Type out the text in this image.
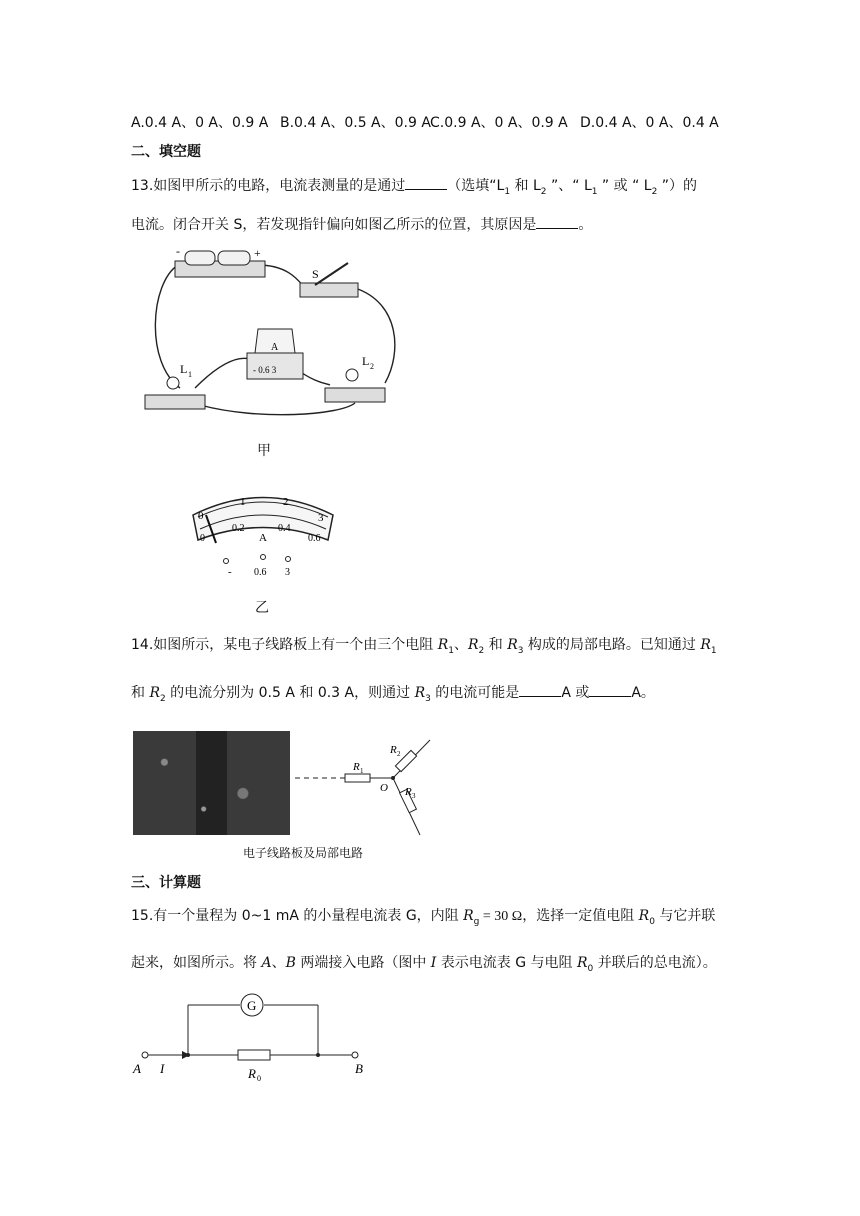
A.0.4 A、0 A、0.9 A B.0.4 A、0.5 A、0.9 A C.0.9 A、0 A、0.9 A D.0.4 A、0 A、0.4 A
二、填空题
13.如图甲所示的电路，电流表测量的是通过	（选填“$L_1$ 和 $L_2$ ”、“ $L_1$ ” 或 “ $L_2$ ”）的
电流。闭合开关 S，若发现指针偏向如图乙所示的位置，其原因是	。
-	+
S
A
- 0.6 3
L 1
L 2
甲
0
1	2
3
0
0.2	0.4
0.6
A
- 0.6 3
乙
14.如图所示，某电子线路板上有一个由三个电阻 $R_1$、$R_2$ 和 $R_3$ 构成的局部电路。已知通过 $R_1$
和 $R_2$ 的电流分别为 0.5 A 和 0.3 A，则通过 $R_3$ 的电流可能是	A 或	A。
R 1
R 2
R 3
O
电子线路板及局部电路
三、计算题
15.有一个量程为 0~1 mA 的小量程电流表 G，内阻 $R_g = 30$ Ω，选择一定值电阻 $R_0$ 与它并联
起来，如图所示。将 A、B 两端接入电路（图中 I 表示电流表 G 与电阻 $R_0$ 并联后的总电流）。
G
A I	R 0
B
